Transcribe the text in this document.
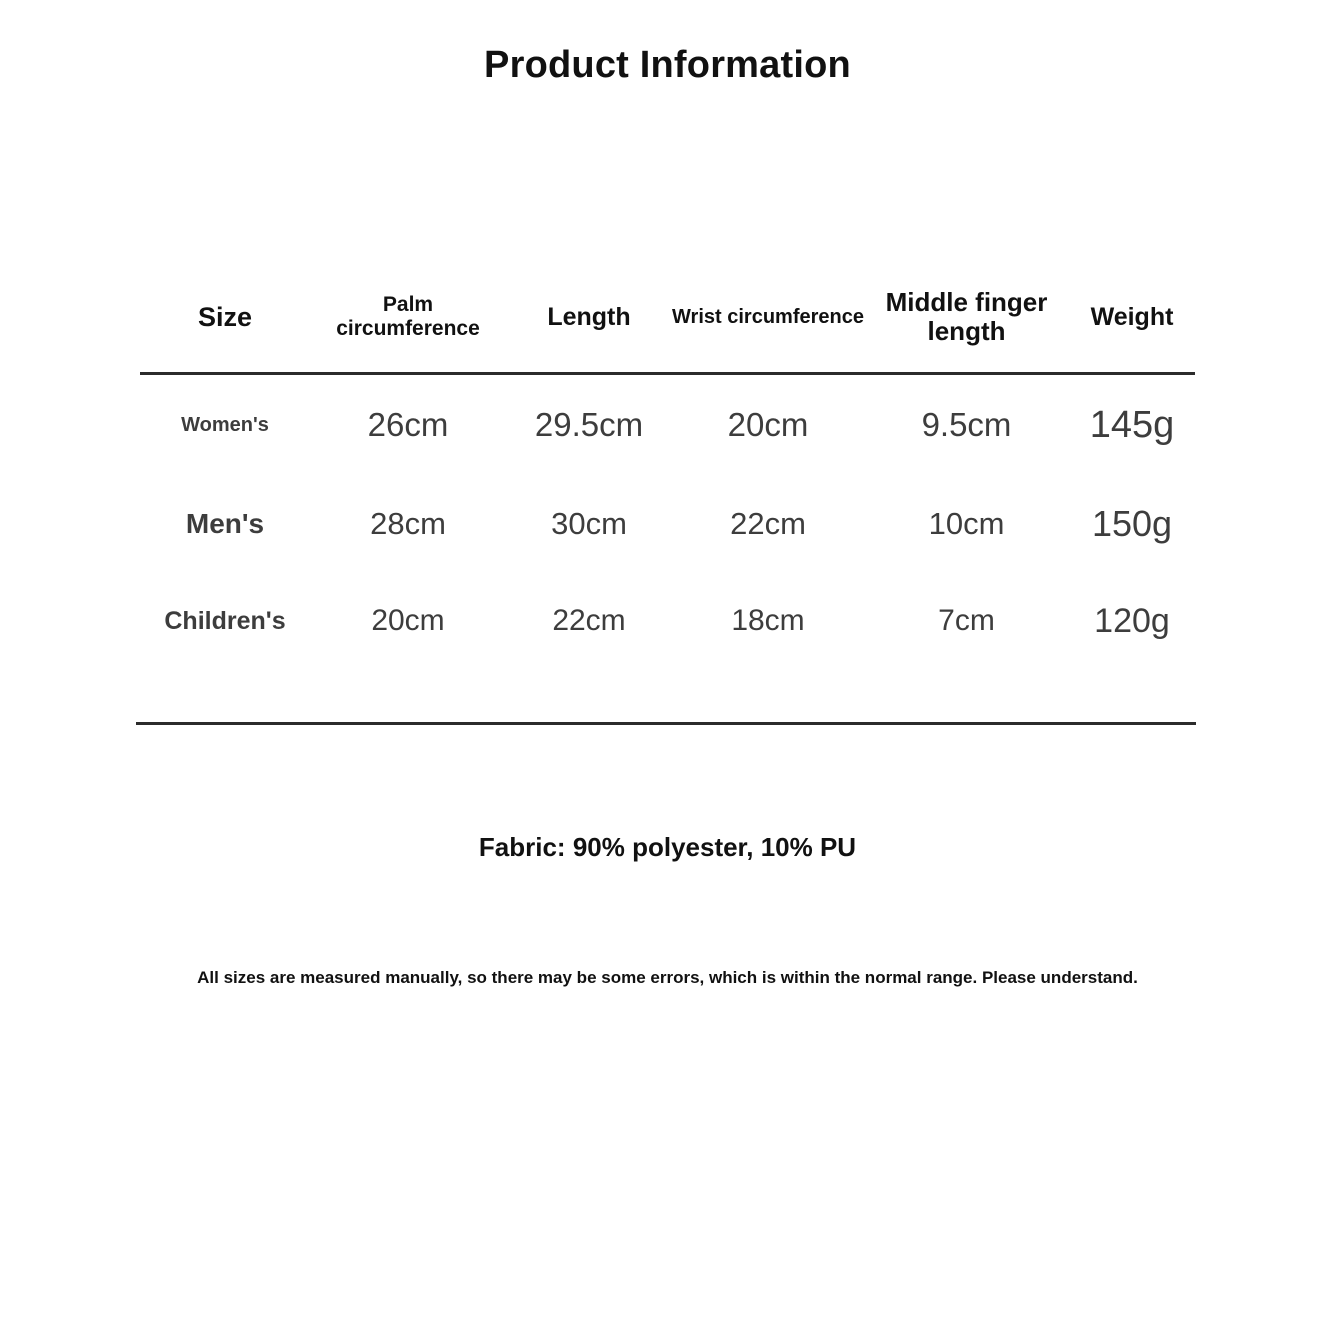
Product Information
Size	Palm circumference	Length	Wrist circumference	Middle finger length	Weight
Women's	26cm	29.5cm	20cm	9.5cm	145g
Men's	28cm	30cm	22cm	10cm	150g
Children's	20cm	22cm	18cm	7cm	120g
Fabric: 90% polyester, 10% PU
All sizes are measured manually, so there may be some errors, which is within the normal range. Please understand.
